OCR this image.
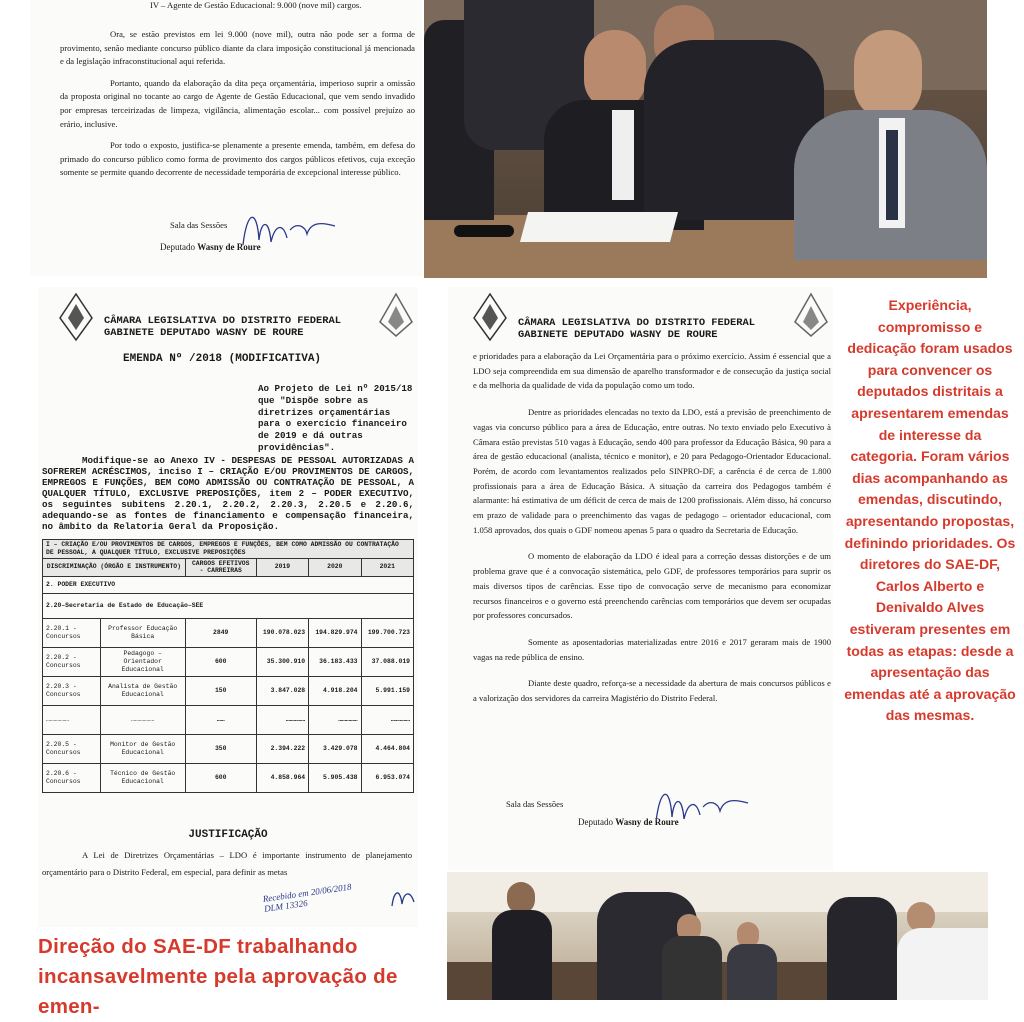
IV – Agente de Gestão Educacional: 9.000 (nove mil) cargos.

Ora, se estão previstos em lei 9.000 (nove mil), outra não pode ser a forma de provimento, senão mediante concurso público diante da clara imposição constitucional já mencionada e da legislação infraconstitucional aqui referida.

Portanto, quando da elaboração da dita peça orçamentária, imperioso suprir a omissão da proposta original no tocante ao cargo de Agente de Gestão Educacional, que vem sendo invadido por empresas terceirizadas de limpeza, vigilância, alimentação escolar... com possível prejuízo ao erário, inclusive.

Por todo o exposto, justifica-se plenamente a presente emenda, também, em defesa do primado do concurso público como forma de provimento dos cargos públicos efetivos, cuja exceção somente se permite quando decorrente de necessidade temporária de excepcional interesse público.

Sala das Sessões
Deputado Wasny de Roure
CÂMARA LEGISLATIVA DO DISTRITO FEDERAL
GABINETE DEPUTADO WASNY DE ROURE
EMENDA Nº /2018 (MODIFICATIVA)
Ao Projeto de Lei nº 2015/18 que "Dispõe sobre as diretrizes orçamentárias para o exercício financeiro de 2019 e dá outras providências".
Modifique-se ao Anexo IV - DESPESAS DE PESSOAL AUTORIZADAS A SOFREREM ACRÉSCIMOS, inciso I – CRIAÇÃO E/OU PROVIMENTOS DE CARGOS, EMPREGOS E FUNÇÕES, BEM COMO ADMISSÃO OU CONTRATAÇÃO DE PESSOAL, A QUALQUER TÍTULO, EXCLUSIVE PREPOSIÇÕES, item 2 – PODER EXECUTIVO, os seguintes subitens 2.20.1, 2.20.2, 2.20.3, 2.20.5 e 2.20.6, adequando-se as fontes de financiamento e compensação financeira, no âmbito da Relatoria Geral da Proposição.
I – CRIAÇÃO E/OU PROVIMENTOS DE CARGOS, EMPREGOS E FUNÇÕES, BEM COMO ADMISSÃO OU CONTRATAÇÃO DE PESSOAL, A QUALQUER TÍTULO, EXCLUSIVE PREPOSIÇÕES					
DISCRIMINAÇÃO (ÓRGÃO E INSTRUMENTO)		CARGOS EFETIVOS - CARREIRAS	2019	2020	2021
2. PODER EXECUTIVO					
2.20–Secretaria de Estado de Educação–SEE					
2.20.1 - Concursos	Professor Educação Básica	2849	190.078.023	194.829.974	199.700.723
2.20.2 - Concursos	Pedagogo – Orientador Educacional	600	35.300.910	36.183.433	37.088.019
2.20.3 - Concursos	Analista de Gestão Educacional	150	3.847.028	4.918.204	5.991.159
………………	………………	……	……………	……………	……………
2.20.5 - Concursos	Monitor de Gestão Educacional	350	2.394.222	3.429.078	4.464.804
2.20.6 - Concursos	Técnico de Gestão Educacional	600	4.858.964	5.905.438	6.953.074
JUSTIFICAÇÃO
A Lei de Diretrizes Orçamentárias – LDO é importante instrumento de planejamento orçamentário para o Distrito Federal, em especial, para definir as metas
Recebido em 20/06/2018 DLM 13326
CÂMARA LEGISLATIVA DO DISTRITO FEDERAL
GABINETE DEPUTADO WASNY DE ROURE

e prioridades para a elaboração da Lei Orçamentária para o próximo exercício. Assim é essencial que a LDO seja compreendida em sua dimensão de aparelho transformador e de consecução da justiça social e da melhoria da qualidade de vida da população como um todo.

Dentre as prioridades elencadas no texto da LDO, está a previsão de preenchimento de vagas via concurso público para a área de Educação, entre outras. No texto enviado pelo Executivo à Câmara estão previstas 510 vagas à Educação, sendo 400 para professor da Educação Básica, 90 para a área de gestão educacional (analista, técnico e monitor), e 20 para Pedagogo-Orientador Educacional. Porém, de acordo com levantamentos realizados pelo SINPRO-DF, a carência é de cerca de 1.800 profissionais para a área de Educação Básica. A situação da carreira dos Pedagogos também é alarmante: há estimativa de um déficit de cerca de mais de 1200 profissionais. Além disso, há concurso em prazo de validade para o preenchimento das vagas de pedagogo – orientador educacional, com 1.058 aprovados, dos quais o GDF nomeou apenas 5 para o quadro da Secretaria de Educação.

O momento de elaboração da LDO é ideal para a correção dessas distorções e de um problema grave que é a convocação sistemática, pelo GDF, de professores temporários para suprir os mais diversos tipos de carências. Esse tipo de convocação serve de mecanismo para economizar recursos financeiros e o governo está preenchendo carências com temporários que devem ser ocupadas por professores concursados.

Somente as aposentadorias materializadas entre 2016 e 2017 geraram mais de 1900 vagas na rede pública de ensino.

Diante deste quadro, reforça-se a necessidade da abertura de mais concursos públicos e a valorização dos servidores da carreira Magistério do Distrito Federal.

Sala das Sessões
Deputado Wasny de Roure
Experiência, compromisso e dedicação foram usados para convencer os deputados distritais a apresentarem emendas de interesse da categoria. Foram vários dias acompanhando as emendas, discutindo, apresentando propostas, definindo prioridades. Os diretores do SAE-DF, Carlos Alberto e Denivaldo Alves estiveram presentes em todas as etapas: desde a apresentação das emendas até a aprovação das mesmas.
Direção do SAE-DF trabalhando incansavelmente pela aprovação de emen-
